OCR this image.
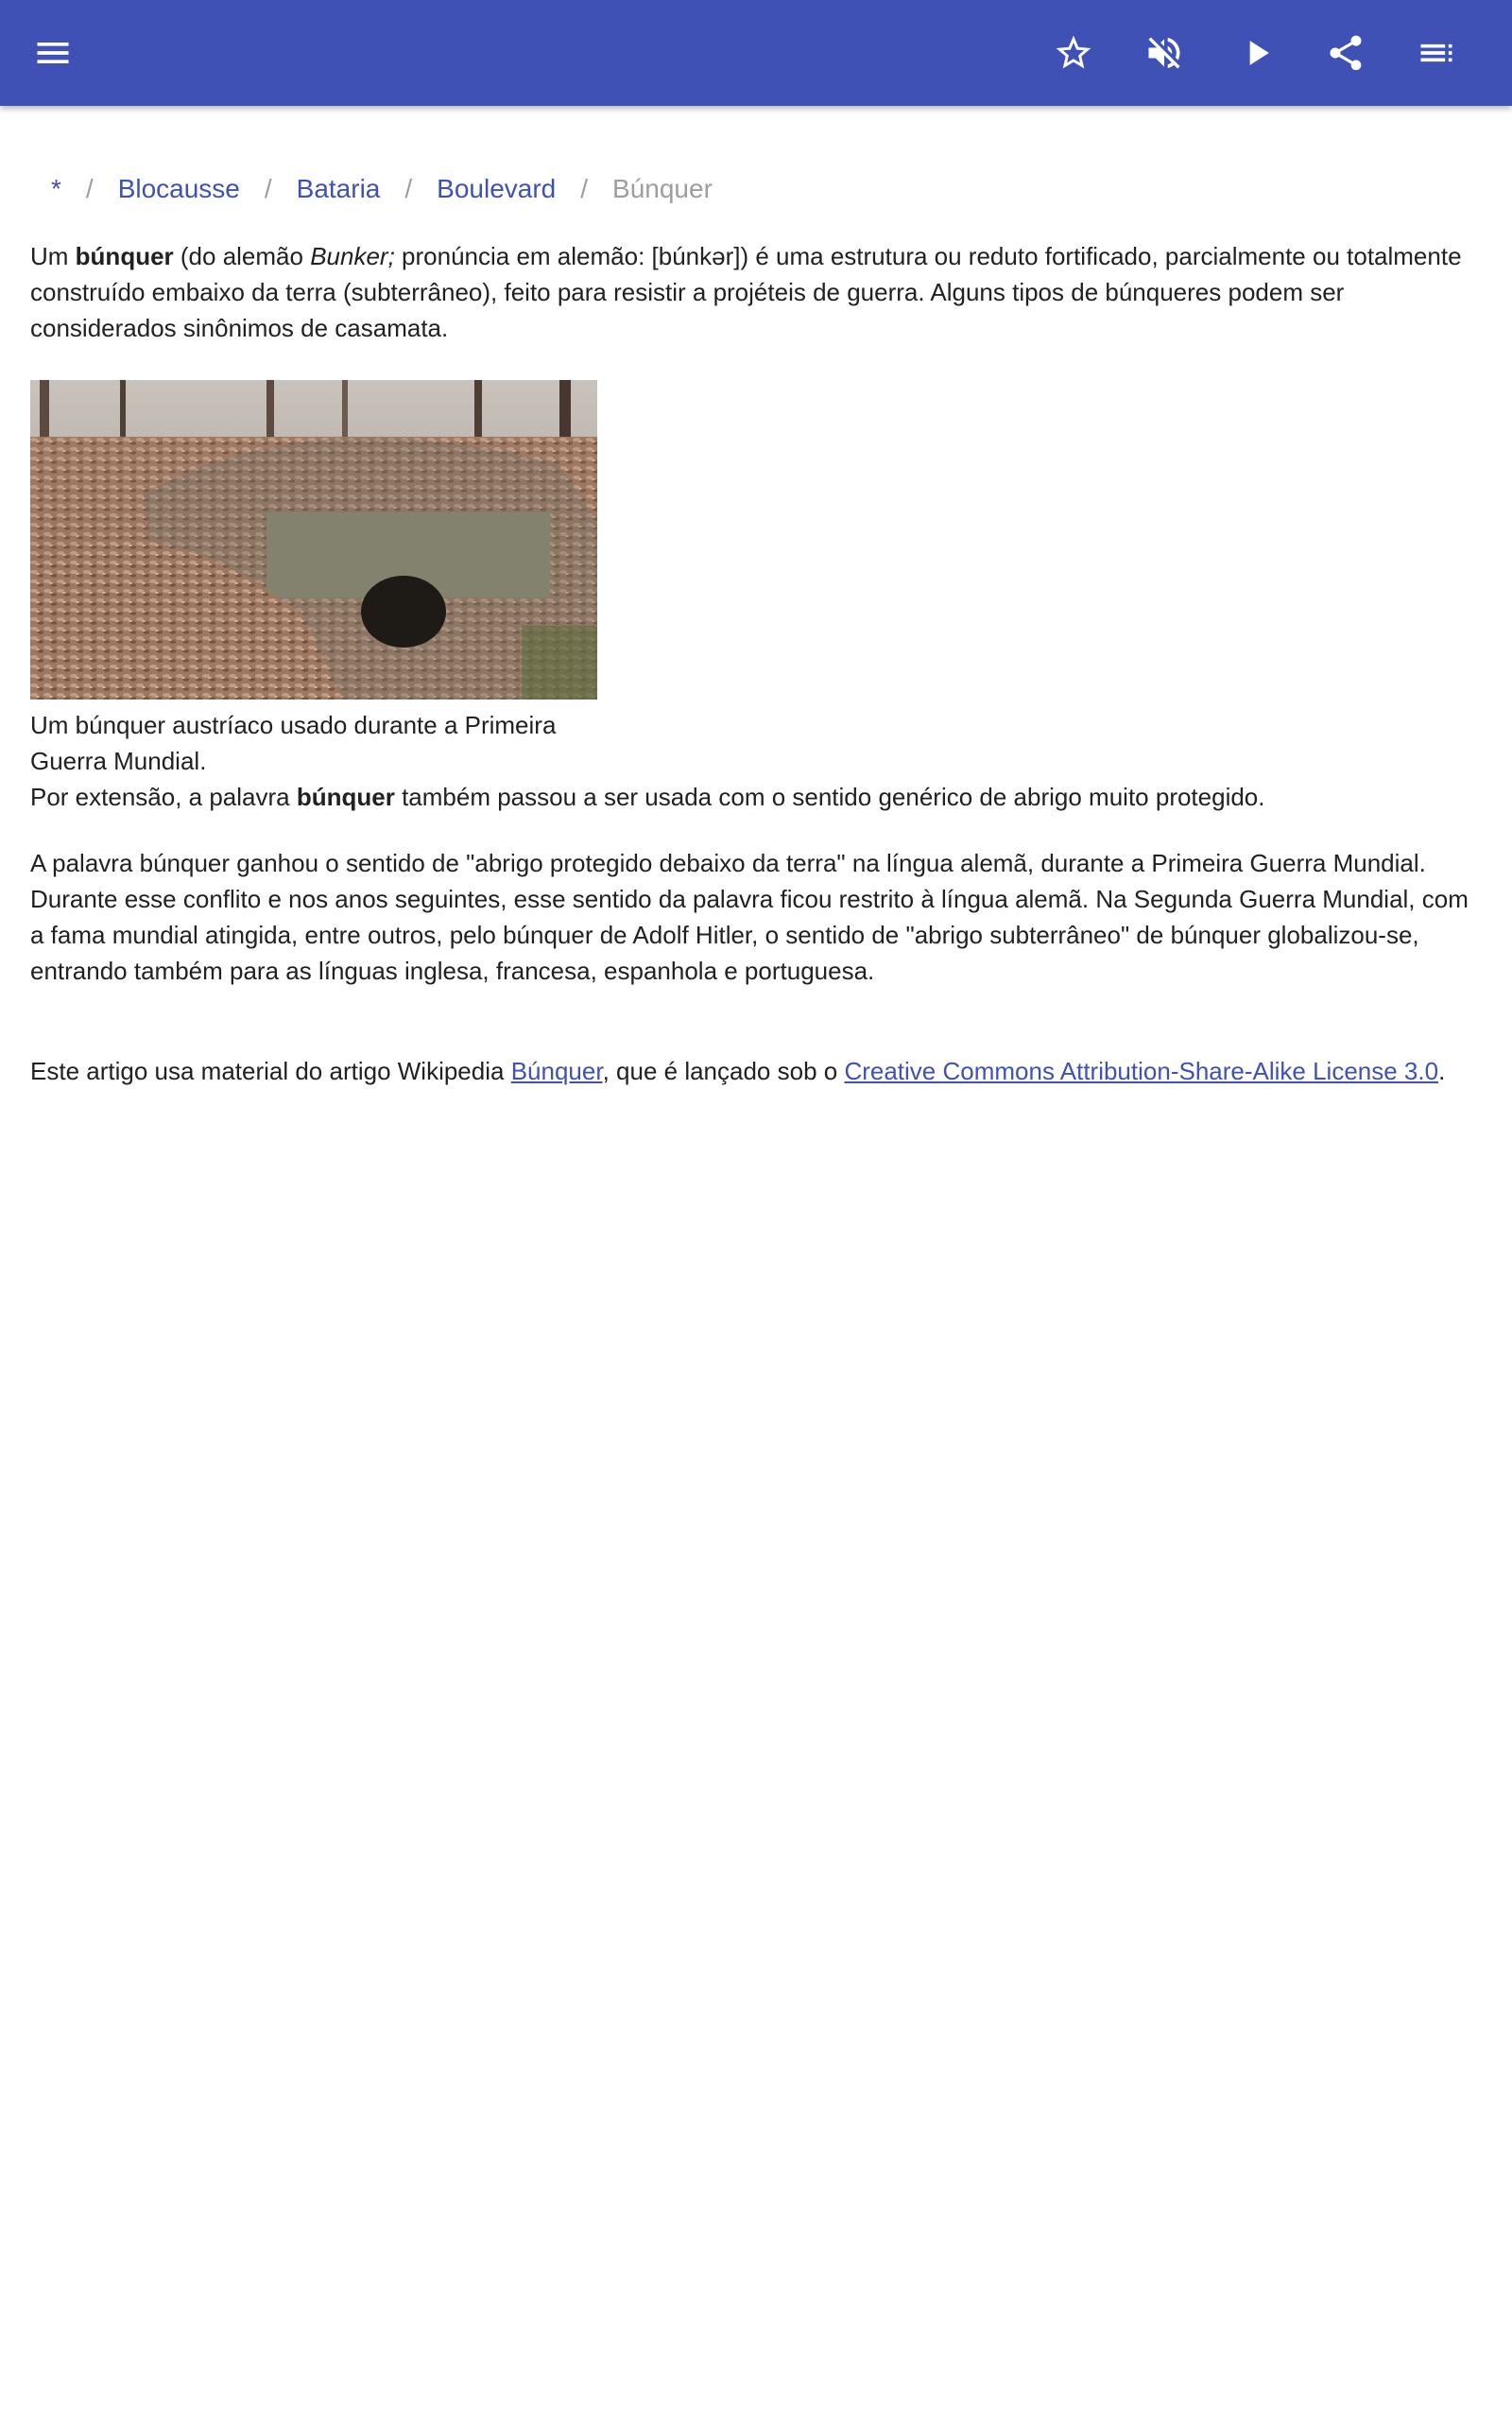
* / Blocausse / Bataria / Boulevard / Búnquer

Um búnquer (do alemão Bunker; pronúncia em alemão: [búnkər]) é uma estrutura ou reduto fortificado, parcialmente ou totalmente construído embaixo da terra (subterrâneo), feito para resistir a projéteis de guerra. Alguns tipos de búnqueres podem ser considerados sinônimos de casamata.

Um búnquer austríaco usado durante a Primeira Guerra Mundial.

Por extensão, a palavra búnquer também passou a ser usada com o sentido genérico de abrigo muito protegido.

A palavra búnquer ganhou o sentido de "abrigo protegido debaixo da terra" na língua alemã, durante a Primeira Guerra Mundial. Durante esse conflito e nos anos seguintes, esse sentido da palavra ficou restrito à língua alemã. Na Segunda Guerra Mundial, com a fama mundial atingida, entre outros, pelo búnquer de Adolf Hitler, o sentido de "abrigo subterrâneo" de búnquer globalizou-se, entrando também para as línguas inglesa, francesa, espanhola e portuguesa.

Este artigo usa material do artigo Wikipedia Búnquer, que é lançado sob o Creative Commons Attribution-Share-Alike License 3.0.
